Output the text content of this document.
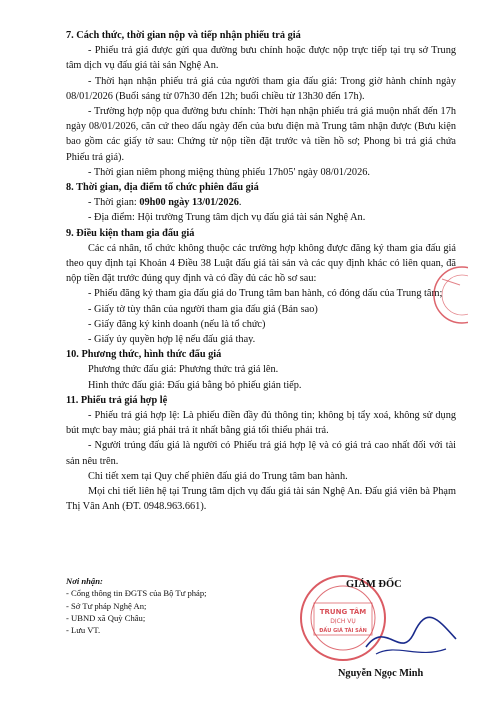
7. Cách thức, thời gian nộp và tiếp nhận phiếu trả giá

- Phiếu trả giá được gửi qua đường bưu chính hoặc được nộp trực tiếp tại trụ sở Trung tâm dịch vụ đấu giá tài sản Nghệ An.

- Thời hạn nhận phiếu trả giá của người tham gia đấu giá: Trong giờ hành chính ngày 08/01/2026 (Buổi sáng từ 07h30 đến 12h; buổi chiều từ 13h30 đến 17h).

- Trường hợp nộp qua đường bưu chính: Thời hạn nhận phiếu trả giá muộn nhất đến 17h ngày 08/01/2026, căn cứ theo dấu ngày đến của bưu điện mà Trung tâm nhận được (Bưu kiện bao gồm các giấy tờ sau: Chứng từ nộp tiền đặt trước và tiền hồ sơ; Phong bì trả giá chứa Phiếu trả giá).

- Thời gian niêm phong miệng thùng phiếu 17h05' ngày 08/01/2026.

8. Thời gian, địa điểm tổ chức phiên đấu giá

- Thời gian: 09h00 ngày 13/01/2026.

- Địa điểm: Hội trường Trung tâm dịch vụ đấu giá tài sản Nghệ An.

9. Điều kiện tham gia đấu giá

Các cá nhân, tổ chức không thuộc các trường hợp không được đăng ký tham gia đấu giá theo quy định tại Khoản 4 Điều 38 Luật đấu giá tài sản và các quy định khác có liên quan, đã nộp tiền đặt trước đúng quy định và có đầy đủ các hồ sơ sau:

- Phiếu đăng ký tham gia đấu giá do Trung tâm ban hành, có đóng dấu của Trung tâm;

- Giấy tờ tùy thân của người tham gia đấu giá (Bản sao)

- Giấy đăng ký kinh doanh (nếu là tổ chức)

- Giấy ủy quyền hợp lệ nếu đấu giá thay.

10. Phương thức, hình thức đấu giá

Phương thức đấu giá: Phương thức trả giá lên.

Hình thức đấu giá: Đấu giá bằng bỏ phiếu gián tiếp.

11. Phiếu trả giá hợp lệ

- Phiếu trả giá hợp lệ: Là phiếu điền đầy đủ thông tin; không bị tẩy xoá, không sử dụng bút mực bay màu; giá phải trả ít nhất bằng giá tối thiểu phải trả.

- Người trúng đấu giá là người có Phiếu trả giá hợp lệ và có giá trả cao nhất đối với tài sản nêu trên.

Chi tiết xem tại Quy chế phiên đấu giá do Trung tâm ban hành.

Mọi chi tiết liên hệ tại Trung tâm dịch vụ đấu giá tài sản Nghệ An. Đấu giá viên bà Phạm Thị Vân Anh (ĐT. 0948.963.661).

Nơi nhận:
- Cổng thông tin ĐGTS của Bộ Tư pháp;
- Sở Tư pháp Nghệ An;
- UBND xã Quỳ Châu;
- Lưu VT.
TRUNG TÂM
DỊCH VỤ
ĐẤU GIÁ TÀI SẢN
GIÁM ĐỐC
Nguyễn Ngọc Minh
